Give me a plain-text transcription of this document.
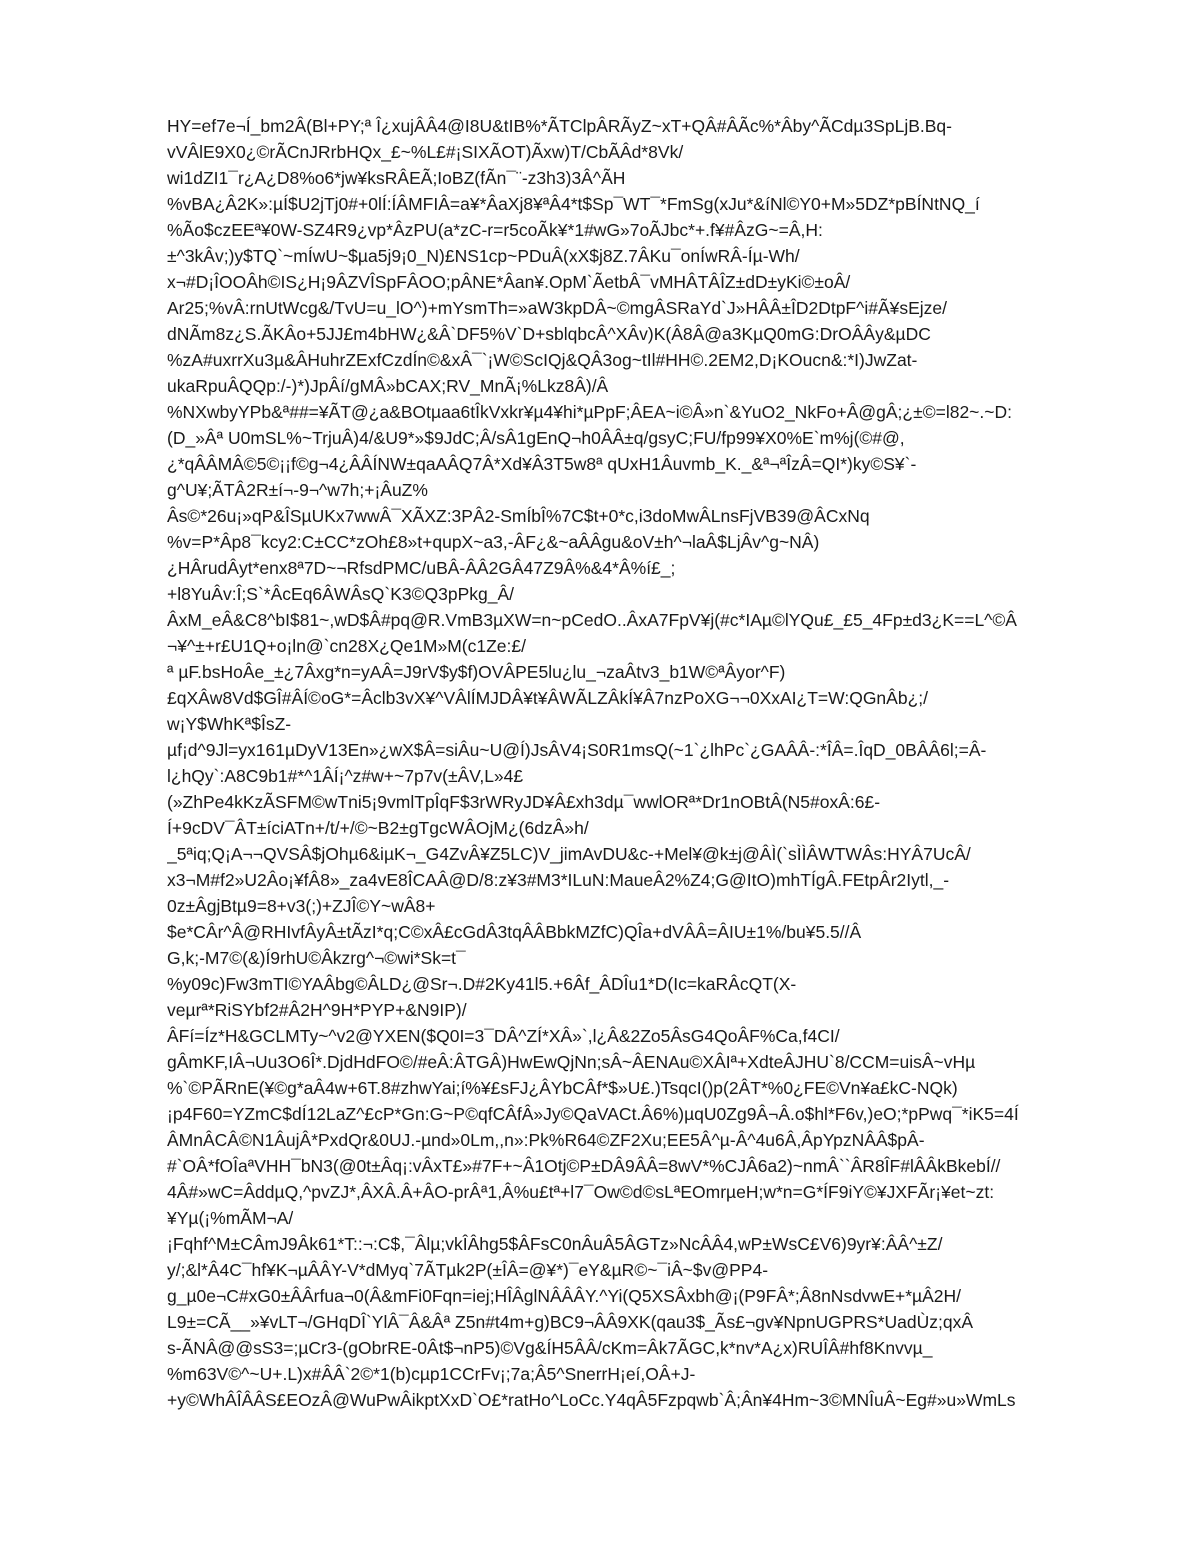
HY=ef7e¬Í_bm2Â(Bl+PY;ª Î¿xujÂÂ4@I8U&tIB%*ÃTClpÂRÃyZ~xT+QÂ#ÂÃc%*Âby^ÃCdµ3SpLjB.Bq-
vVÂlE9X0¿©rÃCnJRrbHQx_£~%L£#¡SIXÃOT)Ãxw)T/CbÃÂd*8Vk/
wi1dZI1¯r¿A¿D8%o6*jw¥ksRÂEÃ;IoBZ(fÃn¯¨-z3h3)3Â^ÃH
%vBA¿Â2K»:µÍ$U2jTj0#+0lÍ:ÍÂMFIÂ=a¥*ÂaXj8¥ªÂ4*t$Sp¯WT¯*FmSg(xJu*&íNl©Y0+M»5DZ*pBÍNtNQ_í
%Ão$czEEª¥0W-SZ4R9¿vp*ÂzPU(a*zC-r=r5coÃk¥*1#wG»7oÃJbc*+.f¥#ÂzG~=Â,H:
±^3kÂv;)y$TQ`~mÍwU~$µa5j9¡0_N)£NS1cp~PDuÂ(xX$j8Z.7ÂKu¯onÍwRÂ-Íµ-Wh/
x¬#D¡ÎOOÂh©IS¿H¡9ÂZVÎSpFÂOO;pÂNE*Âan¥.OpM`ÃetbÂ¯vMHÂTÂÎZ±dD±yKi©±oÂ/
Ar25;%vÂ:rnUtWcg&/TvU=u_lO^)+mYsmTh=»aW3kpDÂ~©mgÂSRaYd`J»HÂÂ±ÎD2DtpF^i#Ã¥sEjze/
dNÃm8z¿S.ÃKÂo+5JJ£m4bHW¿&Â`DF5%V`D+sblqbcÂ^XÂv)K(Â8Â@a3KµQ0mG:DrOÂÂy&µDC
%zA#uxrrXu3µ&ÂHuhrZExfCzdÍn©&xÂ¯`¡W©ScIQj&QÂ3og~tIl#HH©.2EM2,D¡KOucn&:*I)JwZat-
ukaRpuÂQQp:/-)*)JpÂí/gMÂ»bCAX;RV_MnÃ¡%Lkz8Â)/Â
%NXwbyYPb&ª##=¥ÃT@¿a&BOtµaa6tÎkVxkr¥µ4¥hi*µPpF;ÂEA~i©Â»n`&YuO2_NkFo+Â@gÂ;¿±©=l82~.~D:
(D_»Âª U0mSL%~TrjuÂ)4/&U9*»$9JdC;Â/sÂ1gEnQ¬h0ÂÂ±q/gsyC;FU/fp99¥X0%E`m%j(©#@,
¿*qÂÂMÂ©5©¡¡f©g¬4¿ÂÂÍNW±qaAÂQ7Â*Xd¥Â3T5w8ª qUxH1Âuvmb_K._&ª¬ªÎzÂ=QI*)ky©S¥`-
g^U¥;ÃTÂ2R±í¬-9¬^w7h;+¡ÂuZ%
Âs©*26u¡»qP&ÎSµUKx7wwÂ¯XÃXZ:3PÂ2-SmÍbÎ%7C$t+0*c,i3doMwÂLnsFjVB39@ÂCxNq
%v=P*Âp8¯kcy2:C±CC*zOh£8»t+qupX~a3,-ÂF¿&~aÂÂgu&oV±h^¬laÂ$LjÂv^g~NÂ)
¿HÂrudÂyt*enx8ª7D~¬RfsdPMC/uBÂ-ÂÂ2GÂ47Z9Â%&4*Â%í£_;
+l8YuÂv:Î;S`*ÂcEq6ÂWÂsQ`K3©Q3pPkg_Â/
ÂxM_eÂ&C8^bI$81~,wD$Â#pq@R.VmB3µXW=n~pCedO..ÂxA7FpV¥j(#c*IAµ©lYQu£_£5_4Fp±d3¿K==L^©Â
¬¥^±+r£U1Q+o¡ln@`cn28X¿Qe1M»M(c1Ze:£/
ª µF.bsHoÂe_±¿7Âxg*n=yAÂ=J9rV$y$f)OVÂPE5lu¿lu_¬zaÂtv3_b1W©ªÂyor^F)
£qXÂw8Vd$GÎ#ÂÍ©oG*=Âclb3vX¥^VÂlÍMJDÂ¥t¥ÂWÃLZÂkÍ¥Â7nzPoXG¬¬0XxAI¿T=W:QGnÂb¿;/
w¡Y$WhKª$ÎsZ-
µf¡d^9Jl=yx161µDyV13En»¿wX$Â=siÂu~U@Í)JsÂV4¡S0R1msQ(~1`¿lhPc`¿GAÂÂ-:*ÎÂ=.ÎqD_0BÂÂ6l;=Â-
l¿hQy`:A8C9b1#*^1ÂÍ¡^z#w+~7p7v(±ÂV,L»4£
(»ZhPe4kKzÃSFM©wTni5¡9vmlTpÎqF$3rWRyJD¥Â£xh3dµ¯wwlORª*Dr1nOBtÂ(N5#oxÂ:6£-
Í+9cDV¯ÂT±íciATn+/t/+/©~B2±gTgcWÂOjM¿(6dzÂ»h/
_5ªiq;Q¡A¬¬QVSÂ$jOhµ6&iµK¬_G4ZvÂ¥Z5LC)V_jimAvDU&c-+Mel¥@k±j@ÂÌ(`sÌÌÂWTWÂs:HYÂ7UcÂ/
x3¬M#f2»U2Âo¡¥fÂ8»_za4vE8ÎCAÂ@D/8:z¥3#M3*ILuN:MaueÂ2%Z4;G@ItO)mhTÍgÂ.FEtpÂr2Iytl,_-
0z±ÂgjBtµ9=8+v3(;)+ZJÎ©Y~wÂ8+
$e*CÂr^Â@RHIvfÂyÂ±tÃzI*q;C©xÂ£cGdÂ3tqÂÂBbkMZfC)QÎa+dVÂÂ=ÂIU±1%/bu¥5.5//Â
G,k;-M7©(&)Í9rhU©Âkzrg^¬©wi*Sk=t¯
%y09c)Fw3mTI©YAÂbg©ÂLD¿@Sr¬.D#2Ky41l5.+6Âf_ÂDÎu1*D(Ic=kaRÂcQT(X-
veµrª*RiSYbf2#Â2H^9H*PYP+&N9IP)/
ÂFí=Íz*H&GCLMTy~^v2@YXEN($Q0I=3¯DÂ^ZÍ*XÂ»`,l¿Â&2Zo5ÂsG4QoÂF%Ca,f4CI/
gÂmKF,IÂ¬Uu3O6Î*.DjdHdFO©/#eÂ:ÂTGÂ)HwEwQjNn;sÂ~ÂENAu©XÂIª+XdteÂJHU`8/CCM=uisÂ~vHµ
%`©PÃRnE(¥©g*aÂ4w+6T.8#zhwYai;í%¥£sFJ¿ÂYbCÂf*$»U£.)TsqcI()p(2ÂT*%0¿FE©Vn¥a£kC-NQk)
¡p4F60=YZmC$dÍ12LaZ^£cP*Gn:G~P©qfCÂfÂ»Jy©QaVACt.Â6%)µqU0Zg9Â¬Â.o$hl*F6v,)eO;*pPwq¯*iK5=4Í
ÂMnÂCÂ©N1ÂujÂ*PxdQr&0UJ.-µnd»0Lm,,n»:Pk%R64©ZF2Xu;EE5Â^µ-Â^4u6Â,ÂpYpzNÂÂ$pÂ-
#`OÂ*fOÎaªVHH¯bN3(@0t±Âq¡:vÂxT£»#7F+~Â1Otj©P±DÂ9ÂÂ=8wV*%CJÂ6a2)~nmÂ``ÂR8ÎF#lÂÂkBkebÍ//
4Â#»wC=ÂddµQ,^pvZJ*,ÂXÂ.Â+ÂO-prÂª1,Â%u£tª+l7¯Ow©d©sLªEOmrµeH;w*n=G*ÍF9iY©¥JXFÃr¡¥et~zt:
¥Yµ(¡%mÃM¬A/
¡Fqhf^M±CÂmJ9Âk61*T::¬:C$,¯Âlµ;vkÎÂhg5$ÂFsC0nÂuÂ5ÂGTz»NcÂÂ4,wP±WsC£V6)9yr¥:ÂÂ^±Z/
y/;&l*Â4C¯hf¥K¬µÂÂY-V*dMyq`7ÃTµk2P(±ÎÂ=@¥*)¯eY&µR©~¯iÂ~$v@PP4-
g_µ0e¬C#xG0±ÂÂrfua¬0(Â&mFi0Fqn=iej;HÎÂglNÂÂÂY.^Yi(Q5XSÂxbh@¡(P9FÂ*;Â8nNsdvwE+*µÂ2H/
L9±=CÃ__»¥vLT¬/GHqDÎ`YlÂ¯Â&Âª Z5n#t4m+g)BC9¬ÂÂ9XK(qau3$_Ãs£¬gv¥NpnUGPRS*UadÙz;qxÂ
s-ÃNÂ@@sS3=;µCr3-(gObrRE-0Ât$¬nP5)©Vg&ÍH5ÂÂ/cKm=Âk7ÃGC,k*nv*A¿x)RUÎÂ#hf8Knvvµ_
%m63V©^~U+.L)x#ÂÂ`2©*1(b)cµp1CCrFv¡;7a;Â5^SnerrH¡eí,OÂ+J-
+y©WhÂÎÂÂS£EOzÂ@WuPwÂikptXxD`O£*ratHo^LoCc.Y4qÂ5Fzpqwb`Â;Ân¥4Hm~3©MNÎuÂ~Eg#»u»WmLs
